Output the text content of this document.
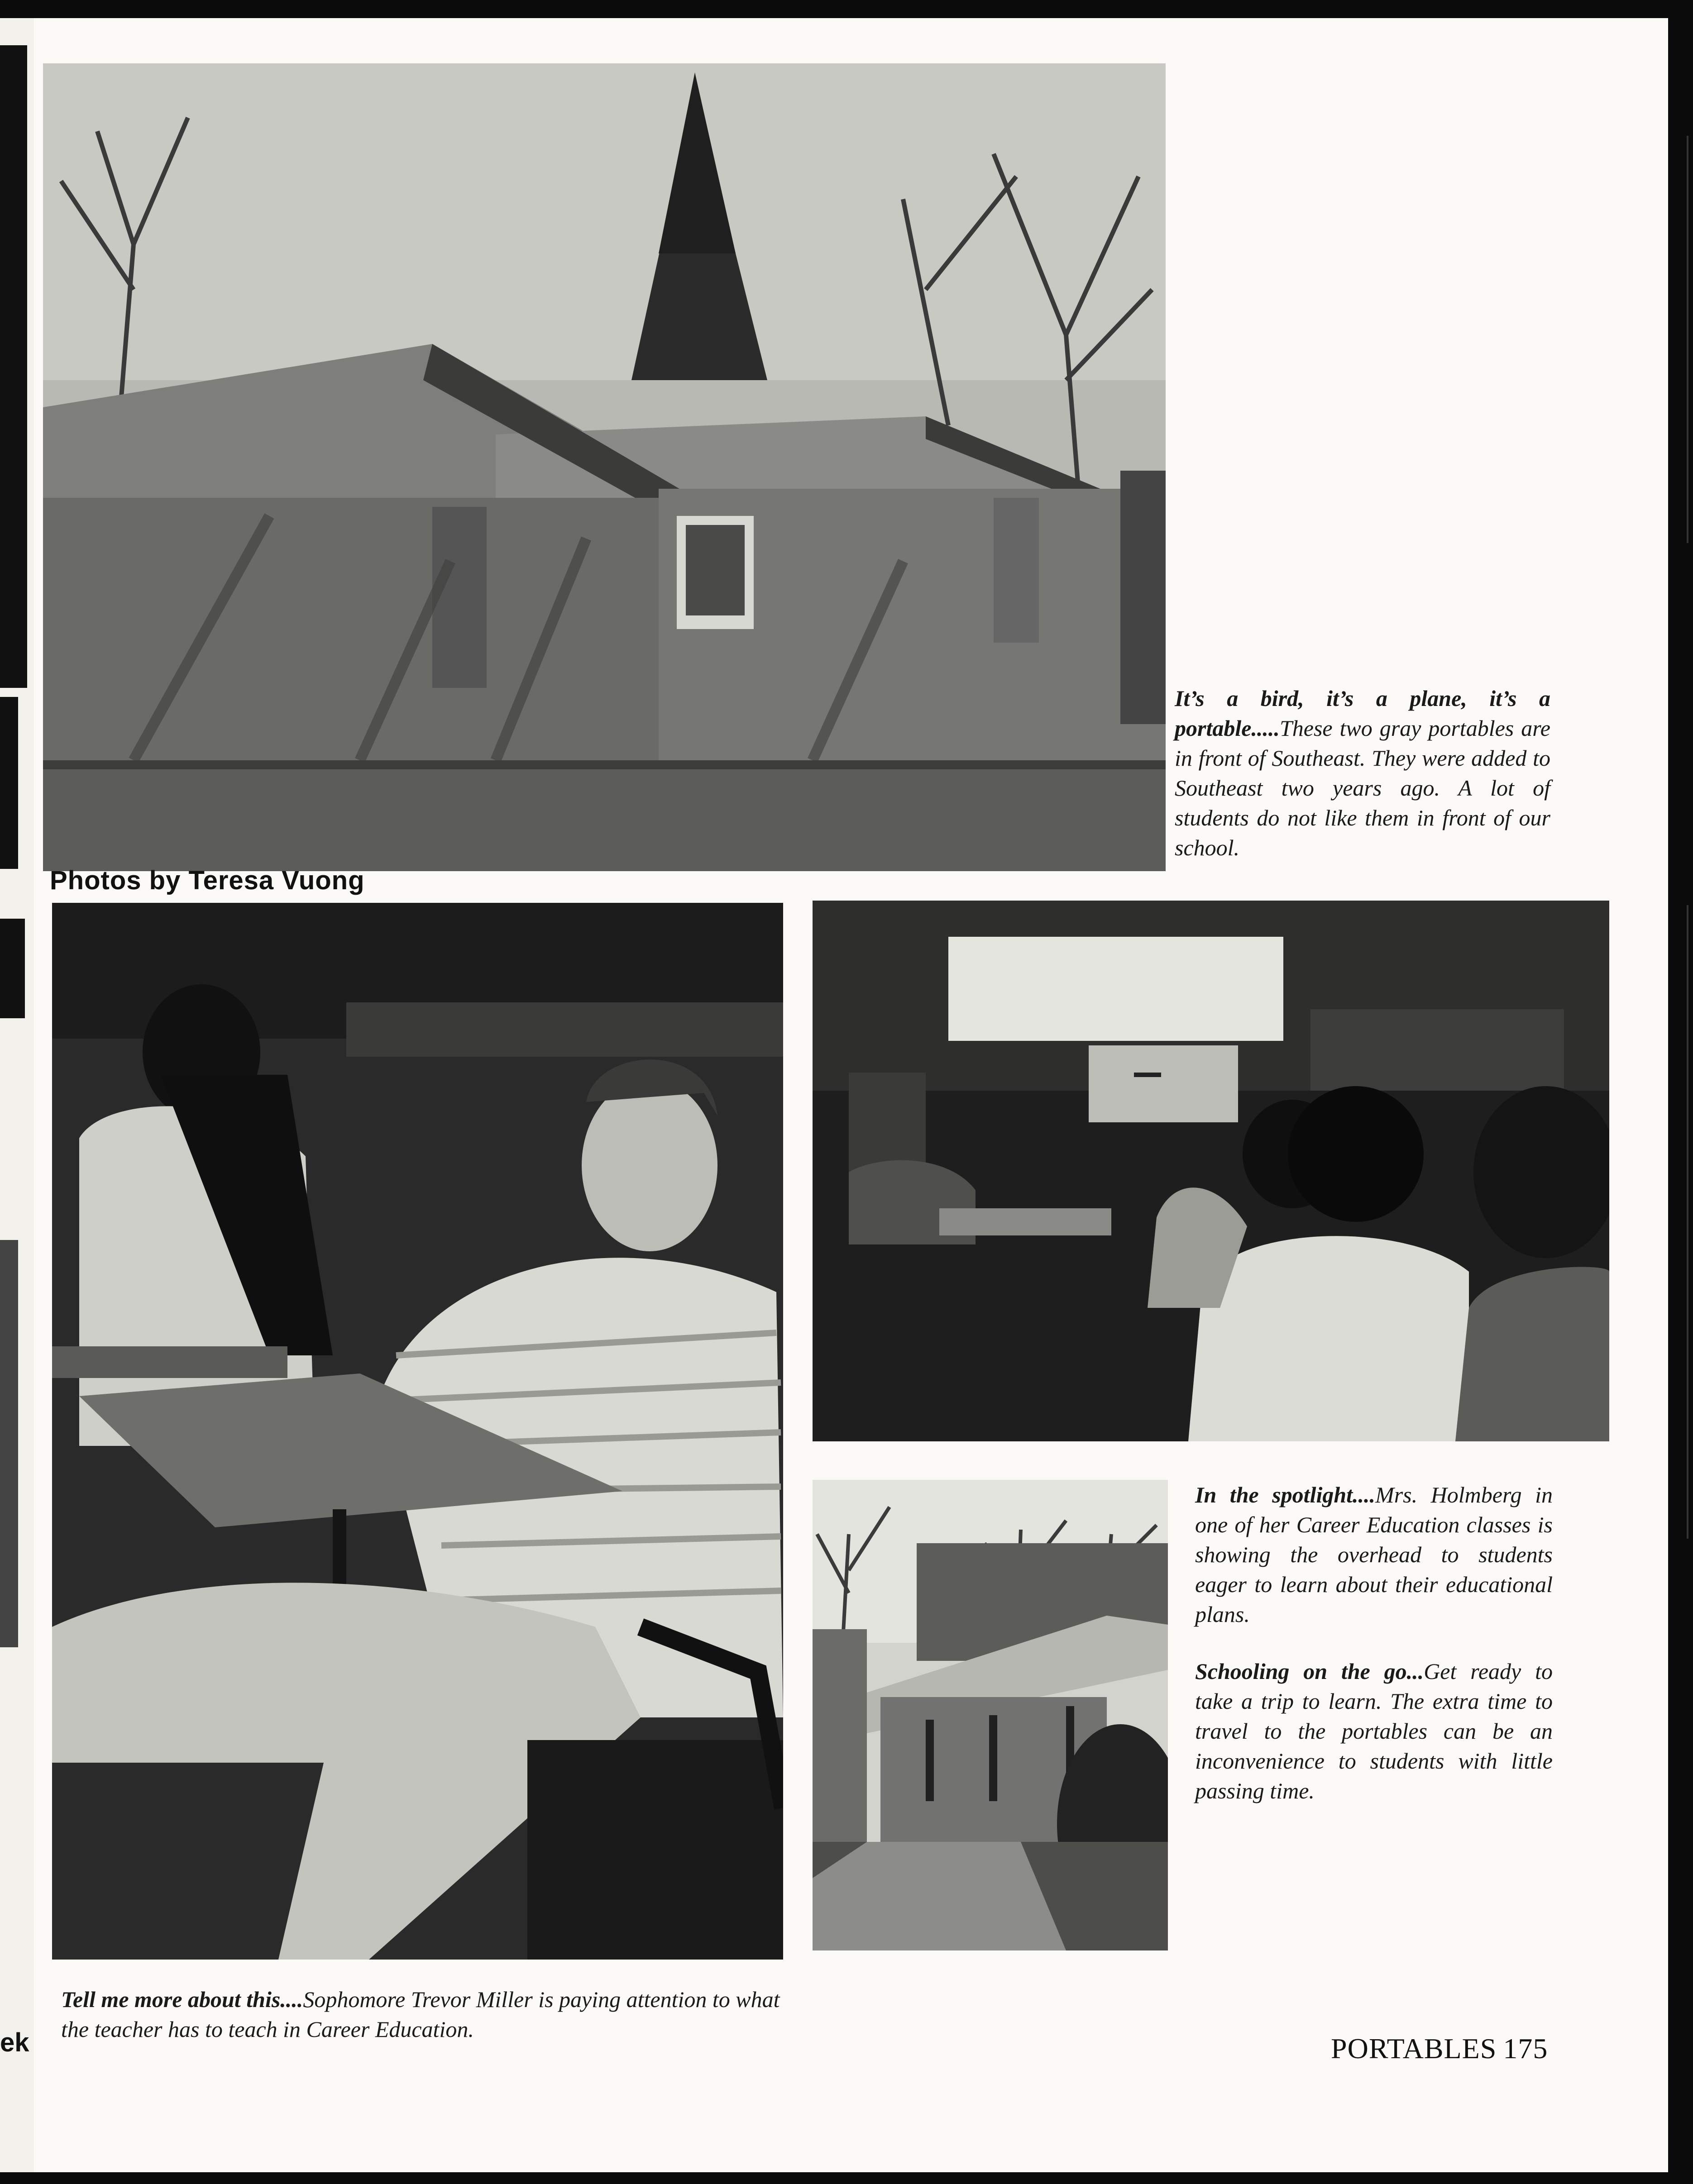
ek
It’s a bird, it’s a plane, it’s a portable.....These two gray portables are in front of Southeast. They were added to Southeast two years ago. A lot of students do not like them in front of our school.
Photos by Teresa Vuong
Tell me more about this....Sophomore Trevor Miller is paying attention to what the teacher has to teach in Career Education.
In the spotlight....Mrs. Holmberg in one of her Career Education classes is showing the overhead to students eager to learn about their educational plans.
Schooling on the go...Get ready to take a trip to learn. The extra time to travel to the portables can be an inconvenience to students with little passing time.
PORTABLES 175
